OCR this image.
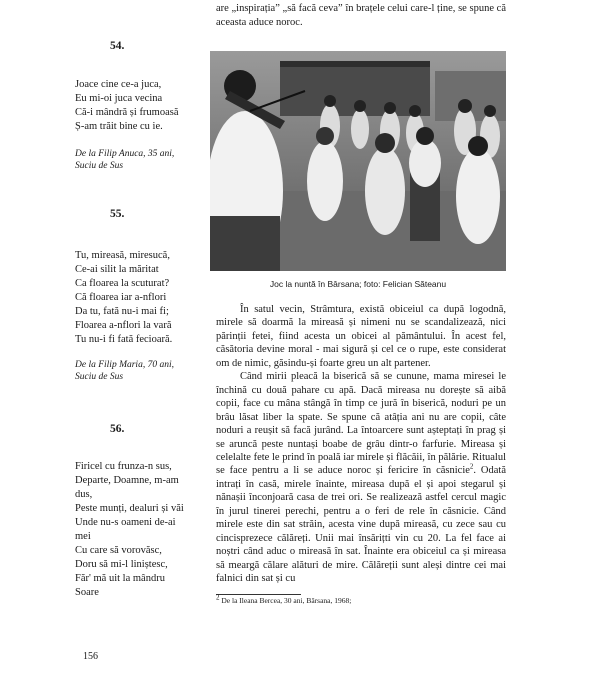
54.
Joace cine ce-a juca,
Eu mi-oi juca vecina
Că-i mândră și frumoasă
Ș-am trăit bine cu ie.
De la Filip Anuca, 35 ani,
Suciu de Sus
55.
Tu, mireasă, miresucă,
Ce-ai silit la măritat
Ca floarea la scuturat?
Că floarea iar a-nflori
Da tu, fată nu-i mai fi;
Floarea a-nflori la vară
Tu nu-i fi fată fecioară.
De la Filip Maria, 70 ani,
Suciu de Sus
56.
Firicel cu frunza-n sus,
Departe, Doamne, m-am
dus,
Peste munți, dealuri și văi
Unde nu-s oameni de-ai
mei
Cu care să vorovăsc,
Doru să mi-l liniștesc,
Făr' mă uit la mândru
Soare
are „inspirația” „să facă ceva” în brațele celui care-l ține, se spune că aceasta aduce noroc.
Joc la nuntă în Bârsana; foto: Felician Săteanu

În satul vecin, Strâmtura, există obiceiul ca după logodnă, mirele să doarmă la mireasă și nimeni nu se scandalizează, nici părinții fetei, fiind acesta un obicei al pământului. În acest fel, căsătoria devine moral - mai sigură și cel ce o rupe, este considerat om de nimic, găsindu-și foarte greu un alt partener.

Când mirii pleacă la biserică să se cunune, mama miresei le închină cu două pahare cu apă. Dacă mireasa nu dorește să aibă copii, face cu mâna stângă în timp ce jură în biserică, noduri pe un brâu lăsat liber la spate. Se spune că atâția ani nu are copii, câte noduri a reușit să facă jurând. La întoarcere sunt așteptați în prag și se aruncă peste nuntași boabe de grâu dintr-o farfurie. Mireasa și celelalte fete le prind în poală iar mirele și flăcăii, în pălărie. Ritualul se face pentru a li se aduce noroc și fericire în căsnicie$^2$. Odată intrați în casă, mirele înainte, mireasa după el și apoi stegarul și nănașii înconjoară casa de trei ori. Se realizează astfel cercul magic în jurul tinerei perechi, pentru a o feri de rele în căsnicie. Când mirele este din sat străin, acesta vine după mireasă, cu zece sau cu cincisprezece călăreți. Unii mai însărițti vin cu 20. La fel face ai noștri când aduc o mireasă în sat. Înainte era obiceiul ca și mireasa să meargă călare alături de mire. Călăreții sunt aleși dintre cei mai falnici din sat și cu

$^2$ De la Ileana Bercea, 30 ani, Bârsana, 1968;
156
